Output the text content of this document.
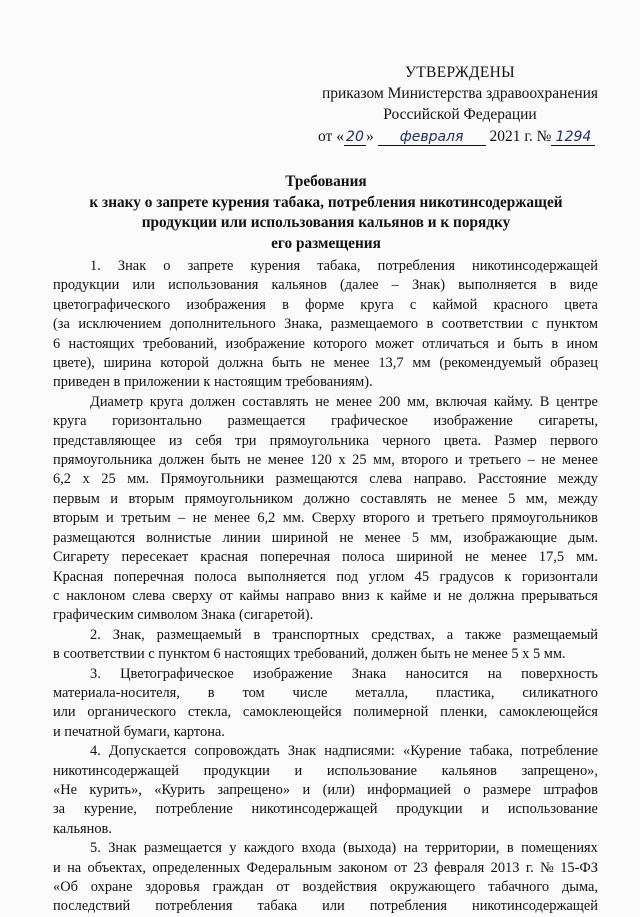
УТВЕРЖДЕНЫ
приказом Министерства здравоохранения
Российской Федерации
от « 20 » февраля 2021 г. № 1294
Требования
к знаку о запрете курения табака, потребления никотинсодержащей
продукции или использования кальянов и к порядку
его размещения
1. Знак о запрете курения табака, потребления никотинсодержащей
продукции или использования кальянов (далее – Знак) выполняется в виде
цветографического изображения в форме круга с каймой красного цвета
(за исключением дополнительного Знака, размещаемого в соответствии с пунктом
6 настоящих требований, изображение которого может отличаться и быть в ином
цвете), ширина которой должна быть не менее 13,7 мм (рекомендуемый образец
приведен в приложении к настоящим требованиям).
Диаметр круга должен составлять не менее 200 мм, включая кайму. В центре
круга горизонтально размещается графическое изображение сигареты,
представляющее из себя три прямоугольника черного цвета. Размер первого
прямоугольника должен быть не менее 120 x 25 мм, второго и третьего – не менее
6,2 x 25 мм. Прямоугольники размещаются слева направо. Расстояние между
первым и вторым прямоугольником должно составлять не менее 5 мм, между
вторым и третьим – не менее 6,2 мм. Сверху второго и третьего прямоугольников
размещаются волнистые линии шириной не менее 5 мм, изображающие дым.
Сигарету пересекает красная поперечная полоса шириной не менее 17,5 мм.
Красная поперечная полоса выполняется под углом 45 градусов к горизонтали
с наклоном слева сверху от каймы направо вниз к кайме и не должна прерываться
графическим символом Знака (сигаретой).
2. Знак, размещаемый в транспортных средствах, а также размещаемый
в соответствии с пунктом 6 настоящих требований, должен быть не менее 5 x 5 мм.
3. Цветографическое изображение Знака наносится на поверхность
материала-носителя, в том числе металла, пластика, силикатного
или органического стекла, самоклеющейся полимерной пленки, самоклеющейся
и печатной бумаги, картона.
4. Допускается сопровождать Знак надписями: «Курение табака, потребление
никотинсодержащей продукции и использование кальянов запрещено»,
«Не курить», «Курить запрещено» и (или) информацией о размере штрафов
за курение, потребление никотинсодержащей продукции и использование
кальянов.
5. Знак размещается у каждого входа (выхода) на территории, в помещениях
и на объектах, определенных Федеральным законом от 23 февраля 2013 г. № 15-ФЗ
«Об охране здоровья граждан от воздействия окружающего табачного дыма,
последствий потребления табака или потребления никотинсодержащей
